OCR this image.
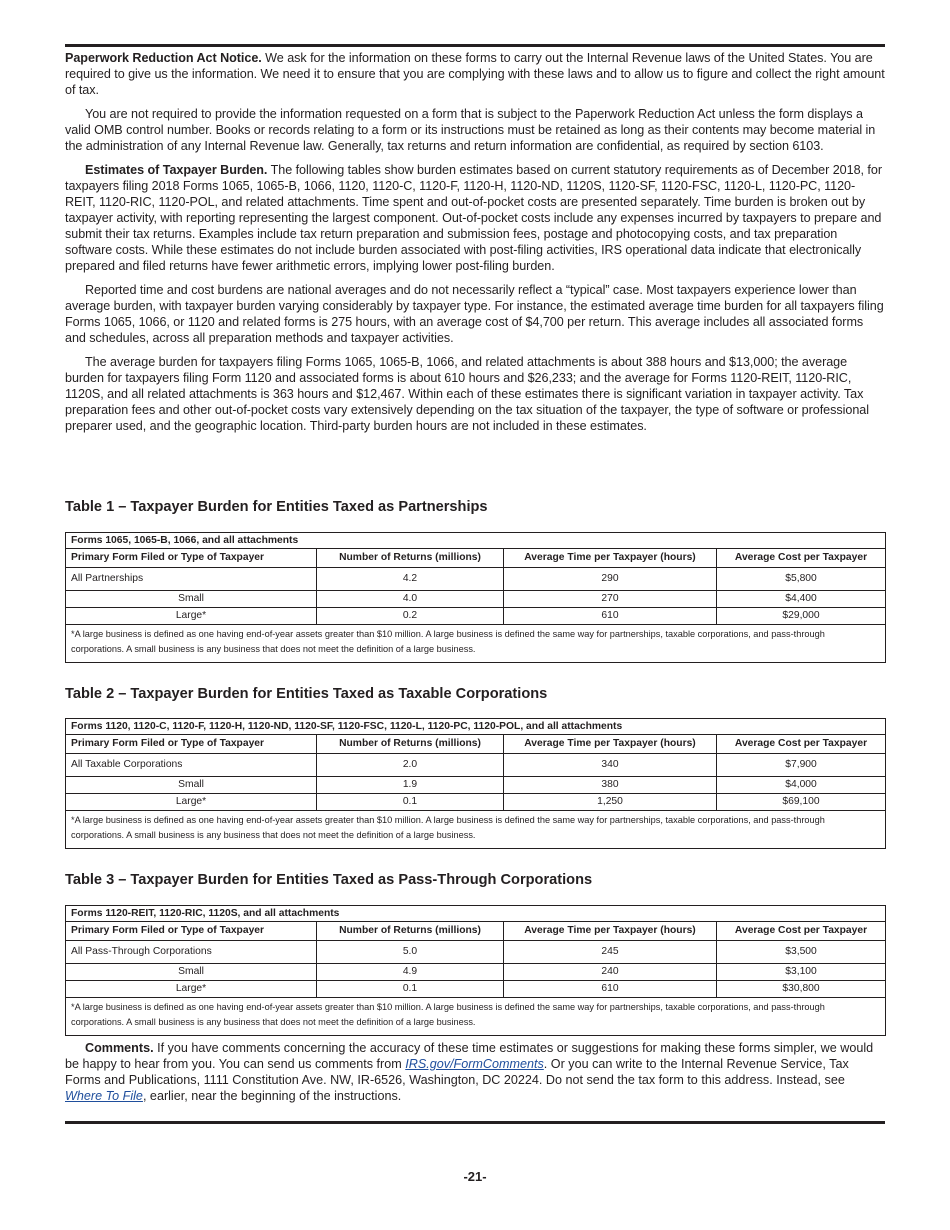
Paperwork Reduction Act Notice. We ask for the information on these forms to carry out the Internal Revenue laws of the United States. You are required to give us the information. We need it to ensure that you are complying with these laws and to allow us to figure and collect the right amount of tax.

You are not required to provide the information requested on a form that is subject to the Paperwork Reduction Act unless the form displays a valid OMB control number. Books or records relating to a form or its instructions must be retained as long as their contents may become material in the administration of any Internal Revenue law. Generally, tax returns and return information are confidential, as required by section 6103.

Estimates of Taxpayer Burden. The following tables show burden estimates based on current statutory requirements as of December 2018, for taxpayers filing 2018 Forms 1065, 1065-B, 1066, 1120, 1120-C, 1120-F, 1120-H, 1120-ND, 1120S, 1120-SF, 1120-FSC, 1120-L, 1120-PC, 1120-REIT, 1120-RIC, 1120-POL, and related attachments. Time spent and out-of-pocket costs are presented separately. Time burden is broken out by taxpayer activity, with reporting representing the largest component. Out-of-pocket costs include any expenses incurred by taxpayers to prepare and submit their tax returns. Examples include tax return preparation and submission fees, postage and photocopying costs, and tax preparation software costs. While these estimates do not include burden associated with post-filing activities, IRS operational data indicate that electronically prepared and filed returns have fewer arithmetic errors, implying lower post-filing burden.

Reported time and cost burdens are national averages and do not necessarily reflect a “typical” case. Most taxpayers experience lower than average burden, with taxpayer burden varying considerably by taxpayer type. For instance, the estimated average time burden for all taxpayers filing Forms 1065, 1066, or 1120 and related forms is 275 hours, with an average cost of $4,700 per return. This average includes all associated forms and schedules, across all preparation methods and taxpayer activities.

The average burden for taxpayers filing Forms 1065, 1065-B, 1066, and related attachments is about 388 hours and $13,000; the average burden for taxpayers filing Form 1120 and associated forms is about 610 hours and $26,233; and the average for Forms 1120-REIT, 1120-RIC, 1120S, and all related attachments is 363 hours and $12,467. Within each of these estimates there is significant variation in taxpayer activity. Tax preparation fees and other out-of-pocket costs vary extensively depending on the tax situation of the taxpayer, the type of software or professional preparer used, and the geographic location. Third-party burden hours are not included in these estimates.

Table 1 – Taxpayer Burden for Entities Taxed as Partnerships
Forms 1065, 1065-B, 1066, and all attachments			
Primary Form Filed or Type of Taxpayer	Number of Returns (millions)	Average Time per Taxpayer (hours)	Average Cost per Taxpayer
All Partnerships	4.2	290	$5,800
Small	4.0	270	$4,400
Large*	0.2	610	$29,000
*A large business is defined as one having end-of-year assets greater than $10 million. A large business is defined the same way for partnerships, taxable corporations, and pass-through corporations. A small business is any business that does not meet the definition of a large business.			
Table 2 – Taxpayer Burden for Entities Taxed as Taxable Corporations
Forms 1120, 1120-C, 1120-F, 1120-H, 1120-ND, 1120-SF, 1120-FSC, 1120-L, 1120-PC, 1120-POL, and all attachments			
Primary Form Filed or Type of Taxpayer	Number of Returns (millions)	Average Time per Taxpayer (hours)	Average Cost per Taxpayer
All Taxable Corporations	2.0	340	$7,900
Small	1.9	380	$4,000
Large*	0.1	1,250	$69,100
*A large business is defined as one having end-of-year assets greater than $10 million. A large business is defined the same way for partnerships, taxable corporations, and pass-through corporations. A small business is any business that does not meet the definition of a large business.			
Table 3 – Taxpayer Burden for Entities Taxed as Pass-Through Corporations
Forms 1120-REIT, 1120-RIC, 1120S, and all attachments			
Primary Form Filed or Type of Taxpayer	Number of Returns (millions)	Average Time per Taxpayer (hours)	Average Cost per Taxpayer
All Pass-Through Corporations	5.0	245	$3,500
Small	4.9	240	$3,100
Large*	0.1	610	$30,800
*A large business is defined as one having end-of-year assets greater than $10 million. A large business is defined the same way for partnerships, taxable corporations, and pass-through corporations. A small business is any business that does not meet the definition of a large business.			

Comments. If you have comments concerning the accuracy of these time estimates or suggestions for making these forms simpler, we would be happy to hear from you. You can send us comments from IRS.gov/FormComments. Or you can write to the Internal Revenue Service, Tax Forms and Publications, 1111 Constitution Ave. NW, IR-6526, Washington, DC 20224. Do not send the tax form to this address. Instead, see Where To File, earlier, near the beginning of the instructions.

-21-
